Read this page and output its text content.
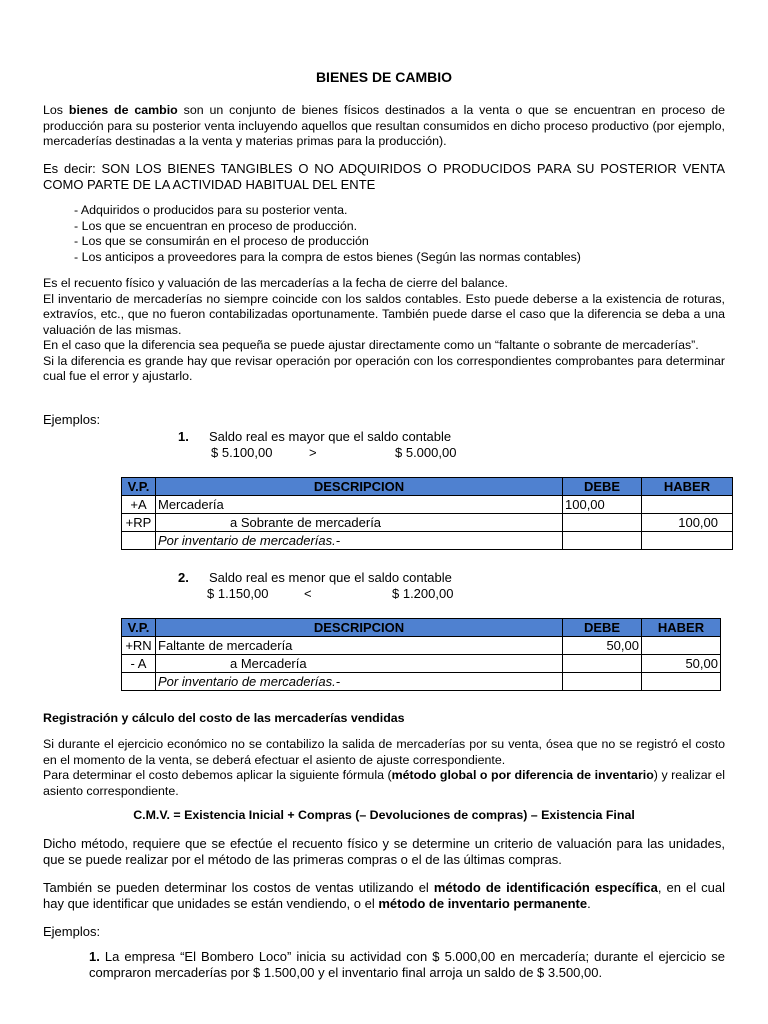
BIENES DE CAMBIO
Los bienes de cambio son un conjunto de bienes físicos destinados a la venta o que se encuentran en proceso de producción para su posterior venta incluyendo aquellos que resultan consumidos en dicho proceso productivo (por ejemplo, mercaderías destinadas a la venta y materias primas para la producción).
Es decir: SON LOS BIENES TANGIBLES O NO ADQUIRIDOS O PRODUCIDOS PARA SU POSTERIOR VENTA COMO PARTE DE LA ACTIVIDAD HABITUAL DEL ENTE
- Adquiridos o producidos para su posterior venta.
- Los que se encuentran en proceso de producción.
- Los que se consumirán en el proceso de producción
- Los anticipos a proveedores para la compra de estos bienes (Según las normas contables)
Es el recuento físico y valuación de las mercaderías a la fecha de cierre del balance.
El inventario de mercaderías no siempre coincide con los saldos contables. Esto puede deberse a la existencia de roturas, extravíos, etc., que no fueron contabilizadas oportunamente. También puede darse el caso que la diferencia se deba a una valuación de las mismas.
En el caso que la diferencia sea pequeña se puede ajustar directamente como un “faltante o sobrante de mercaderías”.
Si la diferencia es grande hay que revisar operación por operación con los correspondientes comprobantes para determinar cual fue el error y ajustarlo.
Ejemplos:
1. Saldo real es mayor que el saldo contable
$ 5.100,00	>	$ 5.000,00
V.P.	DESCRIPCION	DEBE	HABER
+A	Mercadería	100,00	
+RP	a Sobrante de mercadería		100,00
	Por inventario de mercaderías.-		
2. Saldo real es menor que el saldo contable
$ 1.150,00	<	$ 1.200,00
V.P.	DESCRIPCION	DEBE	HABER
+RN	Faltante de mercadería	50,00	
- A	a Mercadería		50,00
	Por inventario de mercaderías.-		
Registración y cálculo del costo de las mercaderías vendidas
Si durante el ejercicio económico no se contabilizo la salida de mercaderías por su venta, ósea que no se registró el costo en el momento de la venta, se deberá efectuar el asiento de ajuste correspondiente.
Para determinar el costo debemos aplicar la siguiente fórmula (método global o por diferencia de inventario) y realizar el asiento correspondiente.
C.M.V. = Existencia Inicial + Compras (– Devoluciones de compras) – Existencia Final
Dicho método, requiere que se efectúe el recuento físico y se determine un criterio de valuación para las unidades, que se puede realizar por el método de las primeras compras o el de las últimas compras.
También se pueden determinar los costos de ventas utilizando el método de identificación específica, en el cual hay que identificar que unidades se están vendiendo, o el método de inventario permanente.
Ejemplos:
1. La empresa “El Bombero Loco” inicia su actividad con $ 5.000,00 en mercadería; durante el ejercicio se compraron mercaderías por $ 1.500,00 y el inventario final arroja un saldo de $ 3.500,00.
